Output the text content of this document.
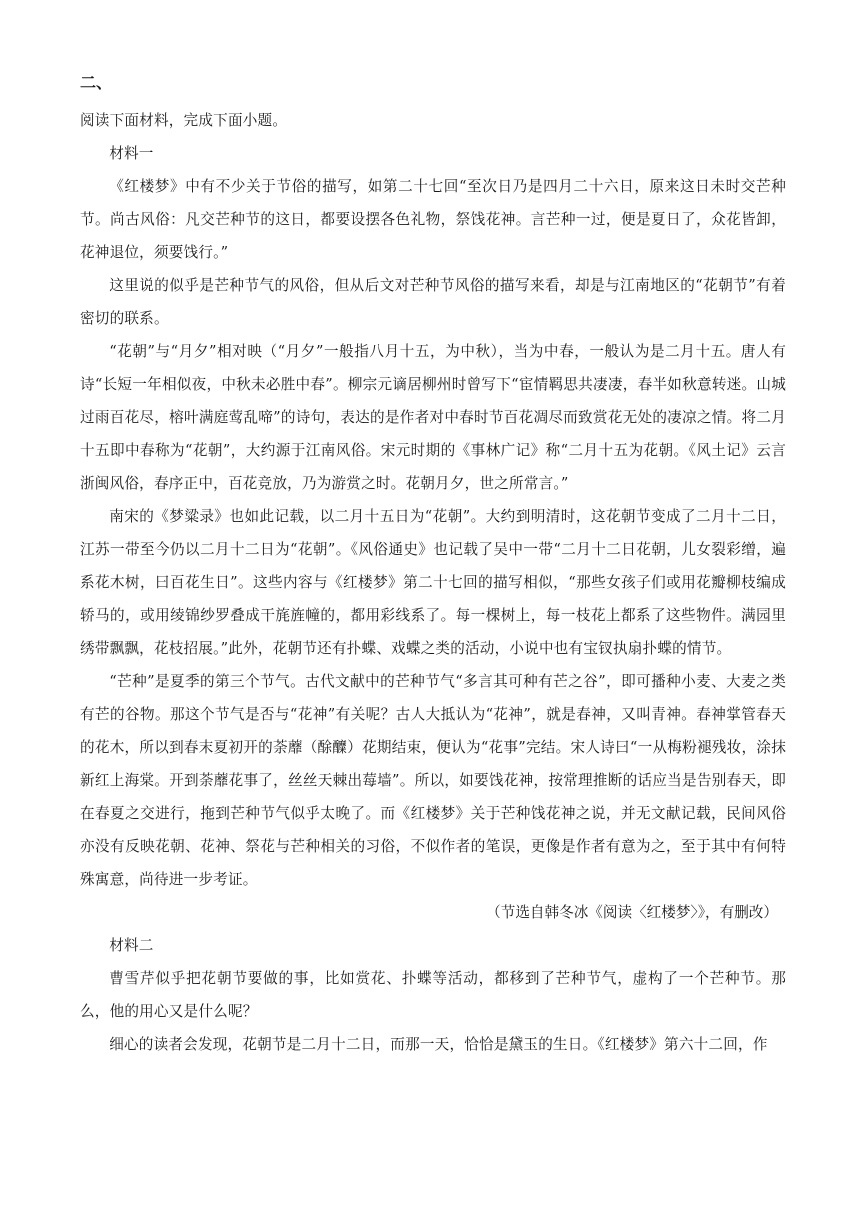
二、

阅读下面材料，完成下面小题。

材料一

《红楼梦》中有不少关于节俗的描写，如第二十七回“至次日乃是四月二十六日，原来这日未时交芒种节。尚古风俗：凡交芒种节的这日，都要设摆各色礼物，祭饯花神。言芒种一过，便是夏日了，众花皆卸，花神退位，须要饯行。”

这里说的似乎是芒种节气的风俗，但从后文对芒种节风俗的描写来看，却是与江南地区的“花朝节”有着密切的联系。

“花朝”与“月夕”相对映（“月夕”一般指八月十五，为中秋），当为中春，一般认为是二月十五。唐人有诗“长短一年相似夜，中秋未必胜中春”。柳宗元谪居柳州时曾写下“宦情羁思共凄凄，春半如秋意转迷。山城过雨百花尽，榕叶满庭莺乱啼”的诗句，表达的是作者对中春时节百花凋尽而致赏花无处的凄凉之情。将二月十五即中春称为“花朝”，大约源于江南风俗。宋元时期的《事林广记》称“二月十五为花朝。《风土记》云言浙闽风俗，春序正中，百花竞放，乃为游赏之时。花朝月夕，世之所常言。”

南宋的《梦粱录》也如此记载，以二月十五日为“花朝”。大约到明清时，这花朝节变成了二月十二日，江苏一带至今仍以二月十二日为“花朝”。《风俗通史》也记载了吴中一带“二月十二日花朝，儿女裂彩缯，遍系花木树，曰百花生日”。这些内容与《红楼梦》第二十七回的描写相似，“那些女孩子们或用花瓣柳枝编成轿马的，或用绫锦纱罗叠成干旄旌幢的，都用彩线系了。每一棵树上，每一枝花上都系了这些物件。满园里绣带飘飘，花枝招展。”此外，花朝节还有扑蝶、戏蝶之类的活动，小说中也有宝钗执扇扑蝶的情节。

“芒种”是夏季的第三个节气。古代文献中的芒种节气“多言其可种有芒之谷”，即可播种小麦、大麦之类有芒的谷物。那这个节气是否与“花神”有关呢？古人大抵认为“花神”，就是春神，又叫青神。春神掌管春天的花木，所以到春末夏初开的荼蘼（酴醾）花期结束，便认为“花事”完结。宋人诗曰“一从梅粉褪残妆，涂抹新红上海棠。开到荼蘼花事了，丝丝天棘出莓墙”。所以，如要饯花神，按常理推断的话应当是告别春天，即在春夏之交进行，拖到芒种节气似乎太晚了。而《红楼梦》关于芒种饯花神之说，并无文献记载，民间风俗亦没有反映花朝、花神、祭花与芒种相关的习俗，不似作者的笔误，更像是作者有意为之，至于其中有何特殊寓意，尚待进一步考证。

（节选自韩冬冰《阅读〈红楼梦〉》，有删改）

材料二

曹雪芹似乎把花朝节要做的事，比如赏花、扑蝶等活动，都移到了芒种节气，虚构了一个芒种节。那么，他的用心又是什么呢？

细心的读者会发现，花朝节是二月十二日，而那一天，恰恰是黛玉的生日。《红楼梦》第六十二回，作
